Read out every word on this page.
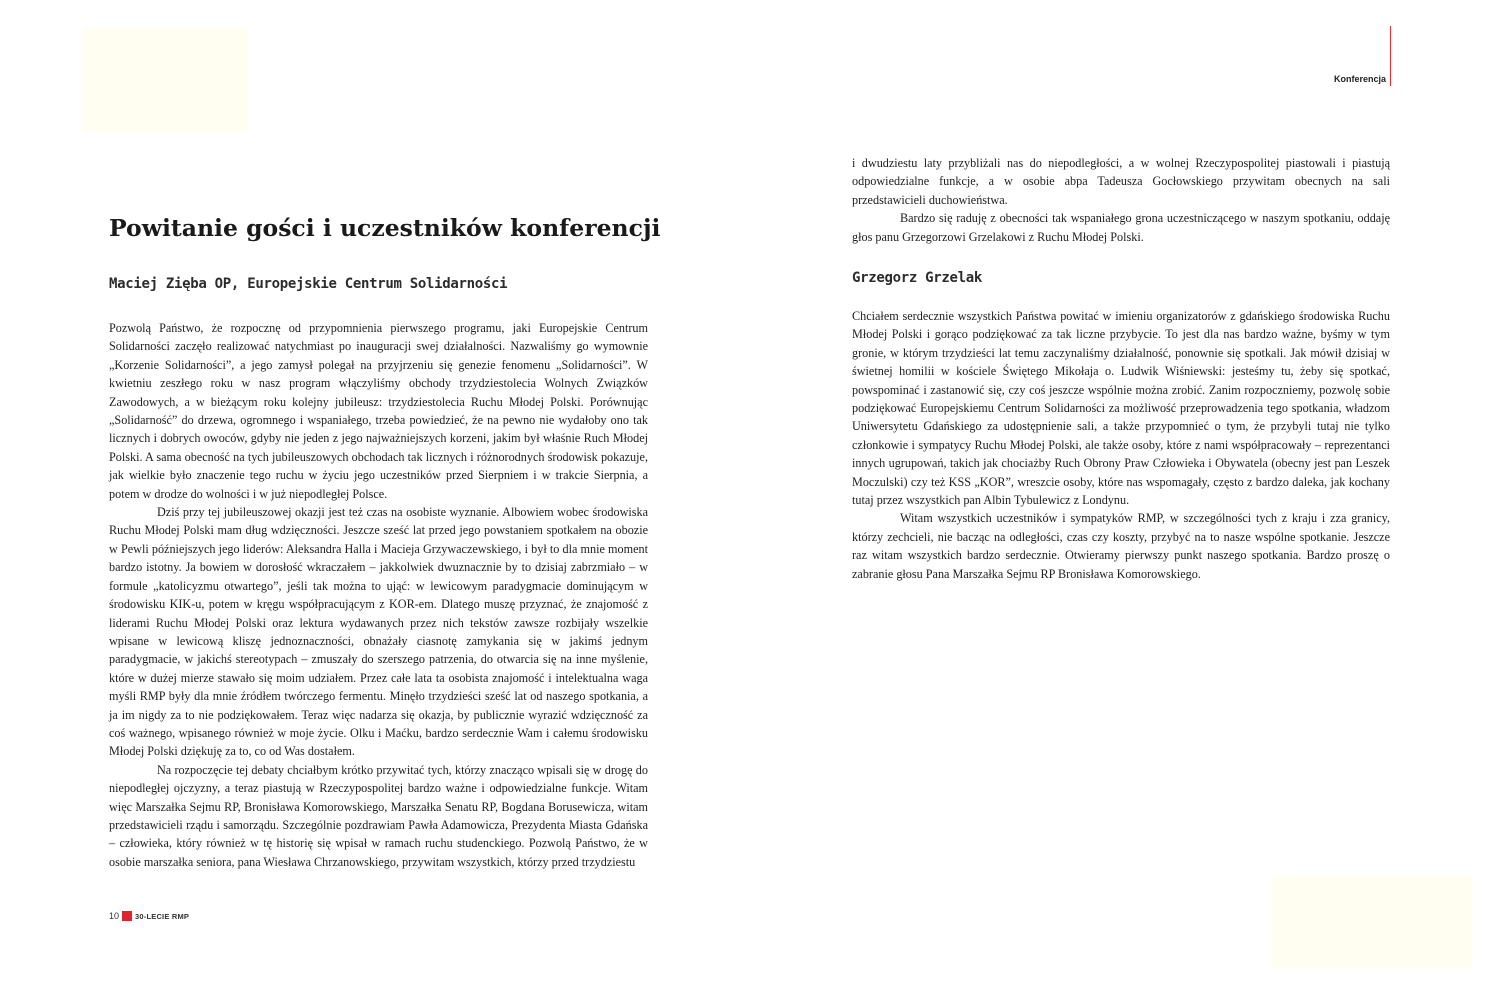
Konferencja
Powitanie gości i uczestników konferencji
Maciej Zięba OP, Europejskie Centrum Solidarności

Pozwolą Państwo, że rozpocznę od przypomnienia pierwszego programu, jaki Europejskie Centrum Solidarności zaczęło realizować natychmiast po inauguracji swej działalności. Nazwaliśmy go wymownie „Korzenie Solidarności”, a jego zamysł polegał na przyjrzeniu się genezie fenomenu „Solidarności”. W kwietniu zeszłego roku w nasz program włączyliśmy obchody trzydziestolecia Wolnych Związków Zawodowych, a w bieżącym roku kolejny jubileusz: trzydziestolecia Ruchu Młodej Polski. Porównując „Solidarność” do drzewa, ogromnego i wspaniałego, trzeba powiedzieć, że na pewno nie wydałoby ono tak licznych i dobrych owoców, gdyby nie jeden z jego najważniejszych korzeni, jakim był właśnie Ruch Młodej Polski. A sama obecność na tych jubileuszowych obchodach tak licznych i różnorodnych środowisk pokazuje, jak wielkie było znaczenie tego ruchu w życiu jego uczestników przed Sierpniem i w trakcie Sierpnia, a potem w drodze do wolności i w już niepodległej Polsce.

Dziś przy tej jubileuszowej okazji jest też czas na osobiste wyznanie. Albowiem wobec środowiska Ruchu Młodej Polski mam dług wdzięczności. Jeszcze sześć lat przed jego powstaniem spotkałem na obozie w Pewli późniejszych jego liderów: Aleksandra Halla i Macieja Grzywaczewskiego, i był to dla mnie moment bardzo istotny. Ja bowiem w dorosłość wkraczałem – jakkolwiek dwuznacznie by to dzisiaj zabrzmiało – w formule „katolicyzmu otwartego”, jeśli tak można to ująć: w lewicowym paradygmacie dominującym w środowisku KIK-u, potem w kręgu współpracującym z KOR-em. Dlatego muszę przyznać, że znajomość z liderami Ruchu Młodej Polski oraz lektura wydawanych przez nich tekstów zawsze rozbijały wszelkie wpisane w lewicową kliszę jednoznaczności, obnażały ciasnotę zamykania się w jakimś jednym paradygmacie, w jakichś stereotypach – zmuszały do szerszego patrzenia, do otwarcia się na inne myślenie, które w dużej mierze stawało się moim udziałem. Przez całe lata ta osobista znajomość i intelektualna waga myśli RMP były dla mnie źródłem twórczego fermentu. Minęło trzydzieści sześć lat od naszego spotkania, a ja im nigdy za to nie podziękowałem. Teraz więc nadarza się okazja, by publicznie wyrazić wdzięczność za coś ważnego, wpisanego również w moje życie. Olku i Maćku, bardzo serdecznie Wam i całemu środowisku Młodej Polski dziękuję za to, co od Was dostałem.

Na rozpoczęcie tej debaty chciałbym krótko przywitać tych, którzy znacząco wpisali się w drogę do niepodległej ojczyzny, a teraz piastują w Rzeczypospolitej bardzo ważne i odpowiedzialne funkcje. Witam więc Marszałka Sejmu RP, Bronisława Komorowskiego, Marszałka Senatu RP, Bogdana Borusewicza, witam przedstawicieli rządu i samorządu. Szczególnie pozdrawiam Pawła Adamowicza, Prezydenta Miasta Gdańska – człowieka, który również w tę historię się wpisał w ramach ruchu studenckiego. Pozwolą Państwo, że w osobie marszałka seniora, pana Wiesława Chrzanowskiego, przywitam wszystkich, którzy przed trzydziestu

i dwudziestu laty przybliżali nas do niepodległości, a w wolnej Rzeczypospolitej piastowali i piastują odpowiedzialne funkcje, a w osobie abpa Tadeusza Gocłowskiego przywitam obecnych na sali przedstawicieli duchowieństwa.

Bardzo się raduję z obecności tak wspaniałego grona uczestniczącego w naszym spotkaniu, oddaję głos panu Grzegorzowi Grzelakowi z Ruchu Młodej Polski.

Grzegorz Grzelak

Chciałem serdecznie wszystkich Państwa powitać w imieniu organizatorów z gdańskiego środowiska Ruchu Młodej Polski i gorąco podziękować za tak liczne przybycie. To jest dla nas bardzo ważne, byśmy w tym gronie, w którym trzydzieści lat temu zaczynaliśmy działalność, ponownie się spotkali. Jak mówił dzisiaj w świetnej homilii w kościele Świętego Mikołaja o. Ludwik Wiśniewski: jesteśmy tu, żeby się spotkać, powspominać i zastanowić się, czy coś jeszcze wspólnie można zrobić. Zanim rozpoczniemy, pozwolę sobie podziękować Europejskiemu Centrum Solidarności za możliwość przeprowadzenia tego spotkania, władzom Uniwersytetu Gdańskiego za udostępnienie sali, a także przypomnieć o tym, że przybyli tutaj nie tylko członkowie i sympatycy Ruchu Młodej Polski, ale także osoby, które z nami współpracowały – reprezentanci innych ugrupowań, takich jak chociażby Ruch Obrony Praw Człowieka i Obywatela (obecny jest pan Leszek Moczulski) czy też KSS „KOR”, wreszcie osoby, które nas wspomagały, często z bardzo daleka, jak kochany tutaj przez wszystkich pan Albin Tybulewicz z Londynu.

Witam wszystkich uczestników i sympatyków RMP, w szczególności tych z kraju i zza granicy, którzy zechcieli, nie bacząc na odległości, czas czy koszty, przybyć na to nasze wspólne spotkanie. Jeszcze raz witam wszystkich bardzo serdecznie. Otwieramy pierwszy punkt naszego spotkania. Bardzo proszę o zabranie głosu Pana Marszałka Sejmu RP Bronisława Komorowskiego.

10 30-LECIE RMP
